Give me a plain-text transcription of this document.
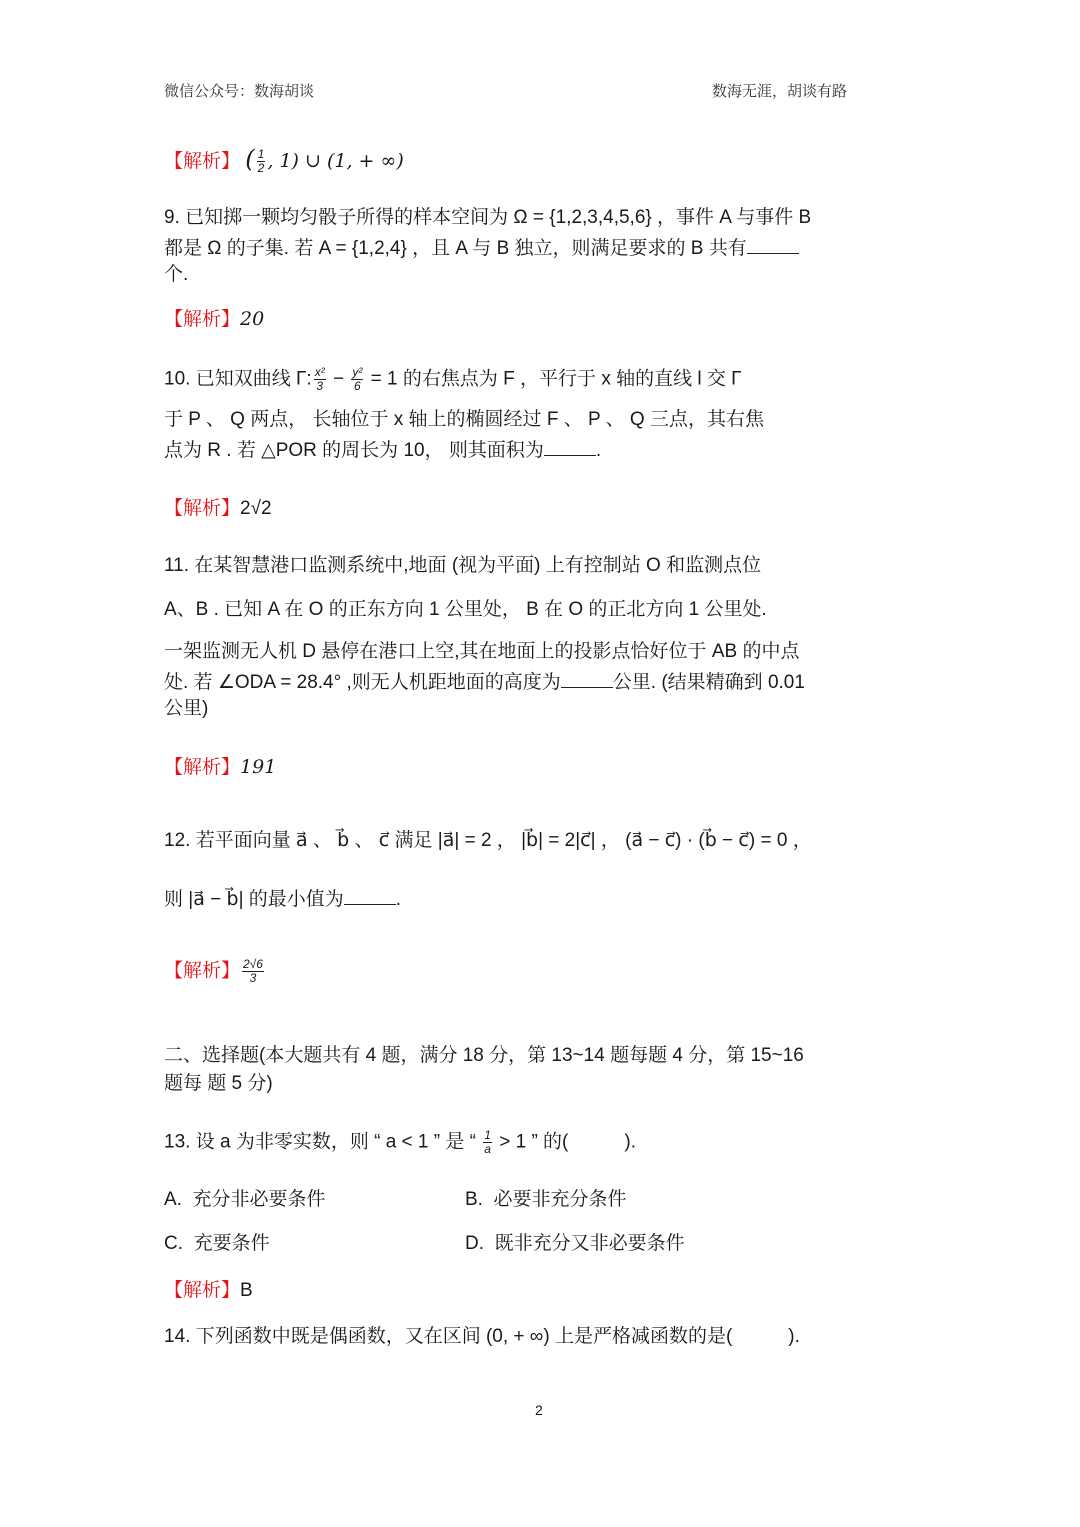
微信公众号：数海胡谈	数海无涯，胡谈有路
【解析】 ( $\frac{1}{2}$ , 1) ∪ (1, + ∞)
9. 已知掷一颗均匀骰子所得的样本空间为 Ω = {1,2,3,4,5,6} ，事件 A 与事件 B
都是 Ω 的子集. 若 A = {1,2,4} ，且 A 与 B 独立，则满足要求的 B 共有
个.
【解析】20
10. 已知双曲线 Γ: $\frac{\text{x²}}{3} - \frac{\text{y²}}{6} = 1$ 的右焦点为 F ，平行于 x 轴的直线 l 交 Γ
于 P 、 Q 两点， 长轴位于 x 轴上的椭圆经过 F 、 P 、 Q 三点，其右焦
点为 R . 若 △POR 的周长为 10， 则其面积为	.
【解析】2√2
11. 在某智慧港口监测系统中,地面 (视为平面) 上有控制站 O 和监测点位
A、B . 已知 A 在 O 的正东方向 1 公里处， B 在 O 的正北方向 1 公里处.
一架监测无人机 D 悬停在港口上空,其在地面上的投影点恰好位于 AB 的中点
处. 若 ∠ODA = 28.4° ,则无人机距地面的高度为	公里. (结果精确到 0.01
公里)
【解析】191
12. 若平面向量 a⃗ 、 b⃗ 、 c⃗ 满足 |a⃗| = 2 ， |b⃗| = 2|c⃗| ， (a⃗ − c⃗) · (b⃗ − c⃗) = 0 ，
则 |a⃗ − b⃗| 的最小值为	.
【解析】 $\frac{2√6}{3}$
二、选择题(本大题共有 4 题，满分 18 分，第 13~14 题每题 4 分，第 15~16
题每 题 5 分)
13. 设 a 为非零实数，则 “ a < 1 ” 是 “ $\frac{1}{a} > 1$ ” 的(	).
A. 充分非必要条件	B. 必要非充分条件
C. 充要条件	D. 既非充分又非必要条件
【解析】B
14. 下列函数中既是偶函数，又在区间 (0, + ∞) 上是严格减函数的是(	).
2
